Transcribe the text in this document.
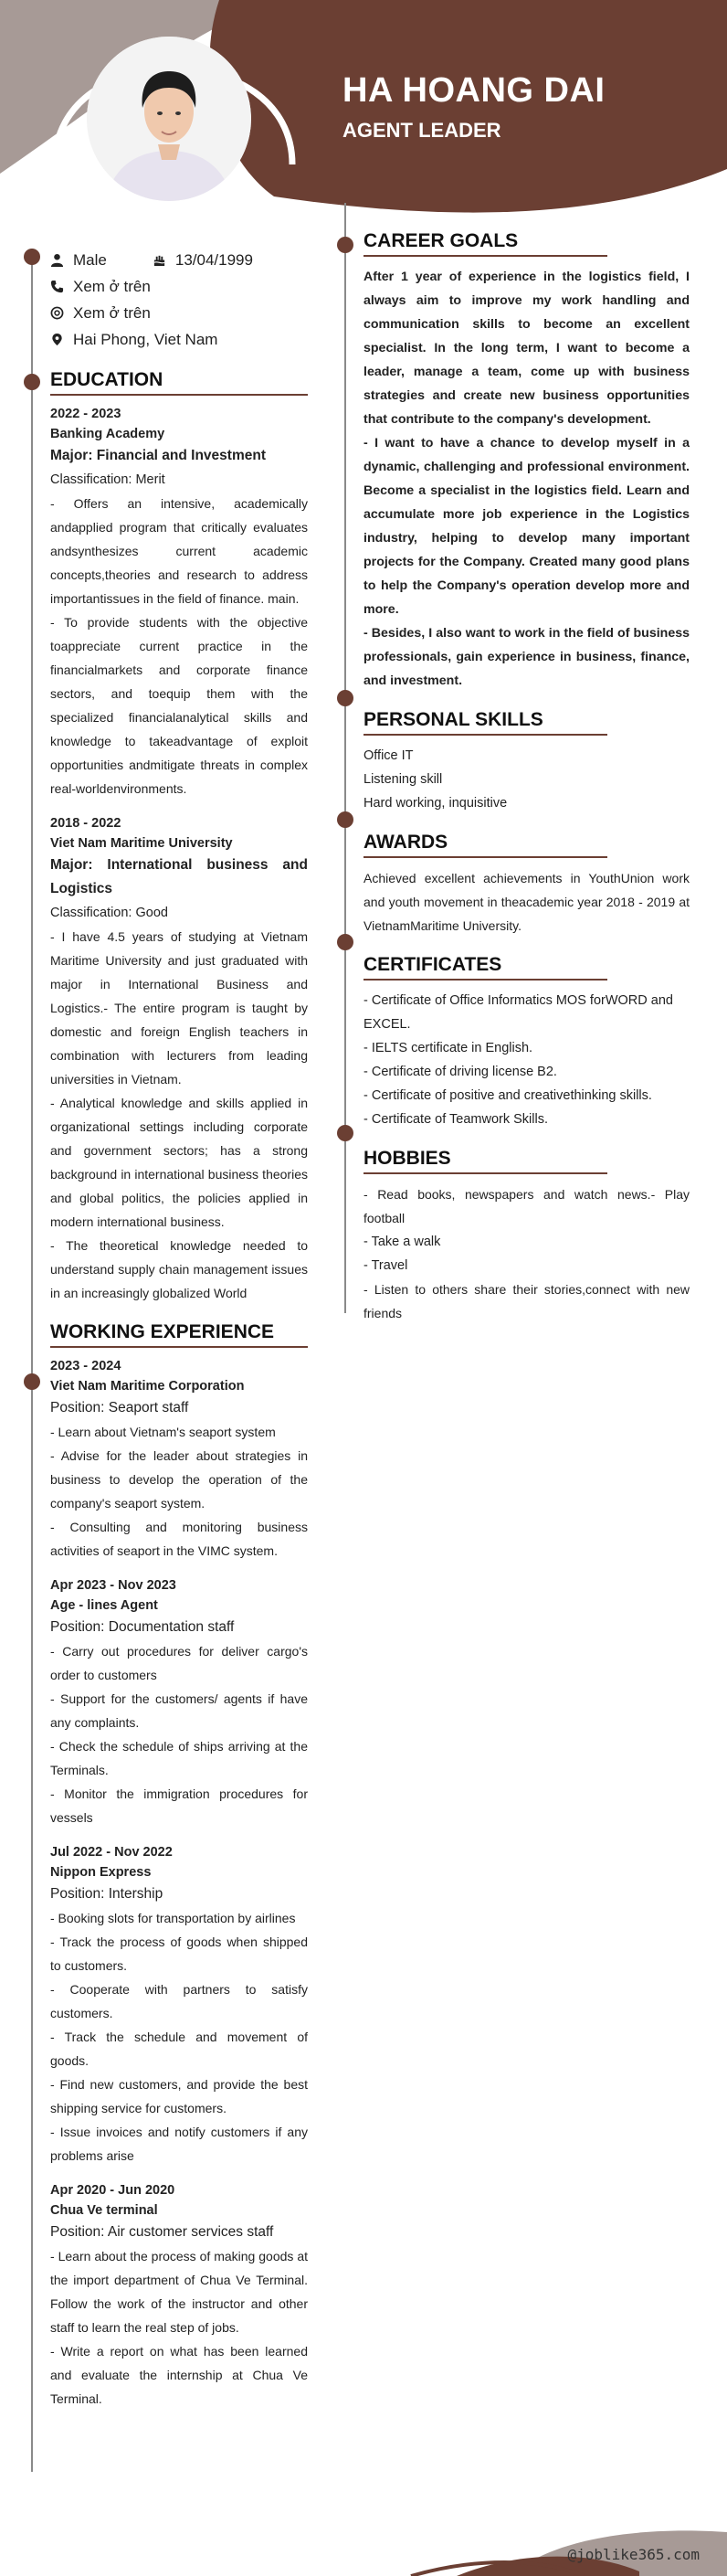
HA HOANG DAI
AGENT LEADER
Male	13/04/1999
Xem ở trên
Xem ở trên
Hai Phong, Viet Nam
EDUCATION
2022 - 2023
Banking Academy
Major: Financial and Investment
Classification: Merit
- Offers an intensive, academically andapplied program that critically evaluates andsynthesizes current academic concepts,theories and research to address importantissues in the field of finance. main.
- To provide students with the objective toappreciate current practice in the financialmarkets and corporate finance sectors, and toequip them with the specialized financialanalytical skills and knowledge to takeadvantage of exploit opportunities andmitigate threats in complex real-worldenvironments.
2018 - 2022
Viet Nam Maritime University
Major: International business and Logistics
Classification: Good
- I have 4.5 years of studying at Vietnam Maritime University and just graduated with major in International Business and Logistics.- The entire program is taught by domestic and foreign English teachers in combination with lecturers from leading universities in Vietnam.
- Analytical knowledge and skills applied in organizational settings including corporate and government sectors; has a strong background in international business theories and global politics, the policies applied in modern international business.
- The theoretical knowledge needed to understand supply chain management issues in an increasingly globalized World
WORKING EXPERIENCE
2023 - 2024
Viet Nam Maritime Corporation
Position: Seaport staff
- Learn about Vietnam's seaport system
- Advise for the leader about strategies in business to develop the operation of the company's seaport system.
- Consulting and monitoring business activities of seaport in the VIMC system.
Apr 2023 - Nov 2023
Age - lines Agent
Position: Documentation staff
- Carry out procedures for deliver cargo's order to customers
- Support for the customers/ agents if have any complaints.
- Check the schedule of ships arriving at the Terminals.
- Monitor the immigration procedures for vessels
Jul 2022 - Nov 2022
Nippon Express
Position: Intership
- Booking slots for transportation by airlines
- Track the process of goods when shipped to customers.
- Cooperate with partners to satisfy customers.
- Track the schedule and movement of goods.
- Find new customers, and provide the best shipping service for customers.
- Issue invoices and notify customers if any problems arise
Apr 2020 - Jun 2020
Chua Ve terminal
Position: Air customer services staff
- Learn about the process of making goods at the import department of Chua Ve Terminal. Follow the work of the instructor and other staff to learn the real step of jobs.
- Write a report on what has been learned and evaluate the internship at Chua Ve Terminal.
CAREER GOALS
After 1 year of experience in the logistics field, I always aim to improve my work handling and communication skills to become an excellent specialist. In the long term, I want to become a leader, manage a team, come up with business strategies and create new business opportunities that contribute to the company's development.
- I want to have a chance to develop myself in a dynamic, challenging and professional environment. Become a specialist in the logistics field. Learn and accumulate more job experience in the Logistics industry, helping to develop many important projects for the Company. Created many good plans to help the Company's operation develop more and more.
- Besides, I also want to work in the field of business professionals, gain experience in business, finance, and investment.
PERSONAL SKILLS
Office IT
Listening skill
Hard working, inquisitive
AWARDS
Achieved excellent achievements in YouthUnion work and youth movement in theacademic year 2018 - 2019 at VietnamMaritime University.
CERTIFICATES
- Certificate of Office Informatics MOS forWORD and EXCEL.
- IELTS certificate in English.
- Certificate of driving license B2.
- Certificate of positive and creativethinking skills.
- Certificate of Teamwork Skills.
HOBBIES
- Read books, newspapers and watch news.- Play football
- Take a walk
- Travel
- Listen to others share their stories,connect with new friends
@joblike365.com
